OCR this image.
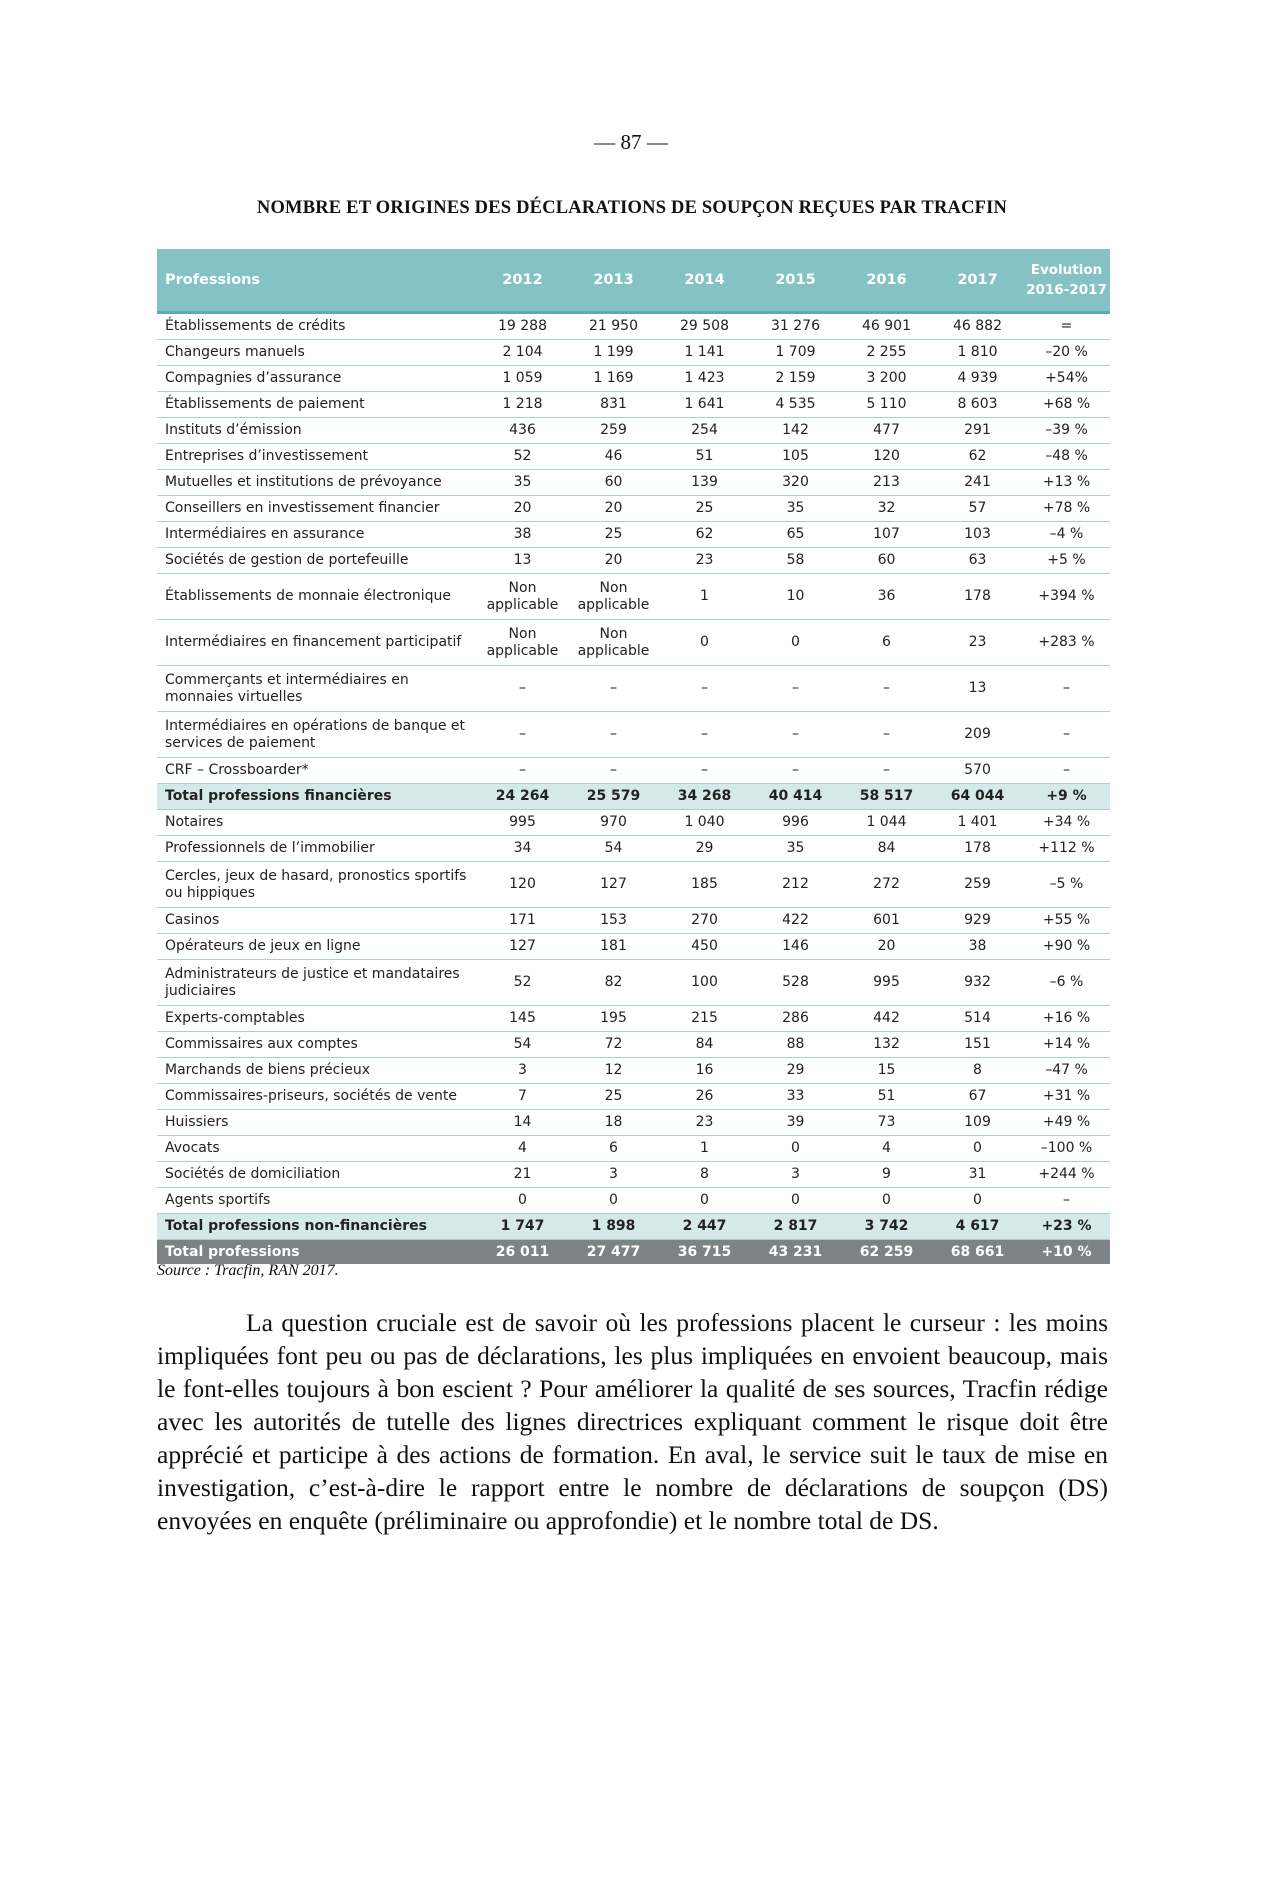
— 87 —
NOMBRE ET ORIGINES DES DÉCLARATIONS DE SOUPÇON REÇUES PAR TRACFIN
Professions	2012	2013	2014	2015	2016	2017	Evolution 2016-2017
Établissements de crédits	19 288	21 950	29 508	31 276	46 901	46 882	=
Changeurs manuels	2 104	1 199	1 141	1 709	2 255	1 810	–20 %
Compagnies d’assurance	1 059	1 169	1 423	2 159	3 200	4 939	+54%
Établissements de paiement	1 218	831	1 641	4 535	5 110	8 603	+68 %
Instituts d’émission	436	259	254	142	477	291	–39 %
Entreprises d’investissement	52	46	51	105	120	62	–48 %
Mutuelles et institutions de prévoyance	35	60	139	320	213	241	+13 %
Conseillers en investissement financier	20	20	25	35	32	57	+78 %
Intermédiaires en assurance	38	25	62	65	107	103	–4 %
Sociétés de gestion de portefeuille	13	20	23	58	60	63	+5 %
Établissements de monnaie électronique	Non applicable	Non applicable	1	10	36	178	+394 %
Intermédiaires en financement participatif	Non applicable	Non applicable	0	0	6	23	+283 %
Commerçants et intermédiaires en monnaies virtuelles	–	–	–	–	–	13	–
Intermédiaires en opérations de banque et services de paiement	–	–	–	–	–	209	–
CRF – Crossboarder*	–	–	–	–	–	570	–
Total professions financières	24 264	25 579	34 268	40 414	58 517	64 044	+9 %
Notaires	995	970	1 040	996	1 044	1 401	+34 %
Professionnels de l’immobilier	34	54	29	35	84	178	+112 %
Cercles, jeux de hasard, pronostics sportifs ou hippiques	120	127	185	212	272	259	–5 %
Casinos	171	153	270	422	601	929	+55 %
Opérateurs de jeux en ligne	127	181	450	146	20	38	+90 %
Administrateurs de justice et mandataires judiciaires	52	82	100	528	995	932	–6 %
Experts-comptables	145	195	215	286	442	514	+16 %
Commissaires aux comptes	54	72	84	88	132	151	+14 %
Marchands de biens précieux	3	12	16	29	15	8	–47 %
Commissaires-priseurs, sociétés de vente	7	25	26	33	51	67	+31 %
Huissiers	14	18	23	39	73	109	+49 %
Avocats	4	6	1	0	4	0	–100 %
Sociétés de domiciliation	21	3	8	3	9	31	+244 %
Agents sportifs	0	0	0	0	0	0	–
Total professions non-financières	1 747	1 898	2 447	2 817	3 742	4 617	+23 %
Total professions	26 011	27 477	36 715	43 231	62 259	68 661	+10 %
Source : Tracfin, RAN 2017.
La question cruciale est de savoir où les professions placent le curseur : les moins impliquées font peu ou pas de déclarations, les plus impliquées en envoient beaucoup, mais le font-elles toujours à bon escient ? Pour améliorer la qualité de ses sources, Tracfin rédige avec les autorités de tutelle des lignes directrices expliquant comment le risque doit être apprécié et participe à des actions de formation. En aval, le service suit le taux de mise en investigation, c’est-à-dire le rapport entre le nombre de déclarations de soupçon (DS) envoyées en enquête (préliminaire ou approfondie) et le nombre total de DS.
